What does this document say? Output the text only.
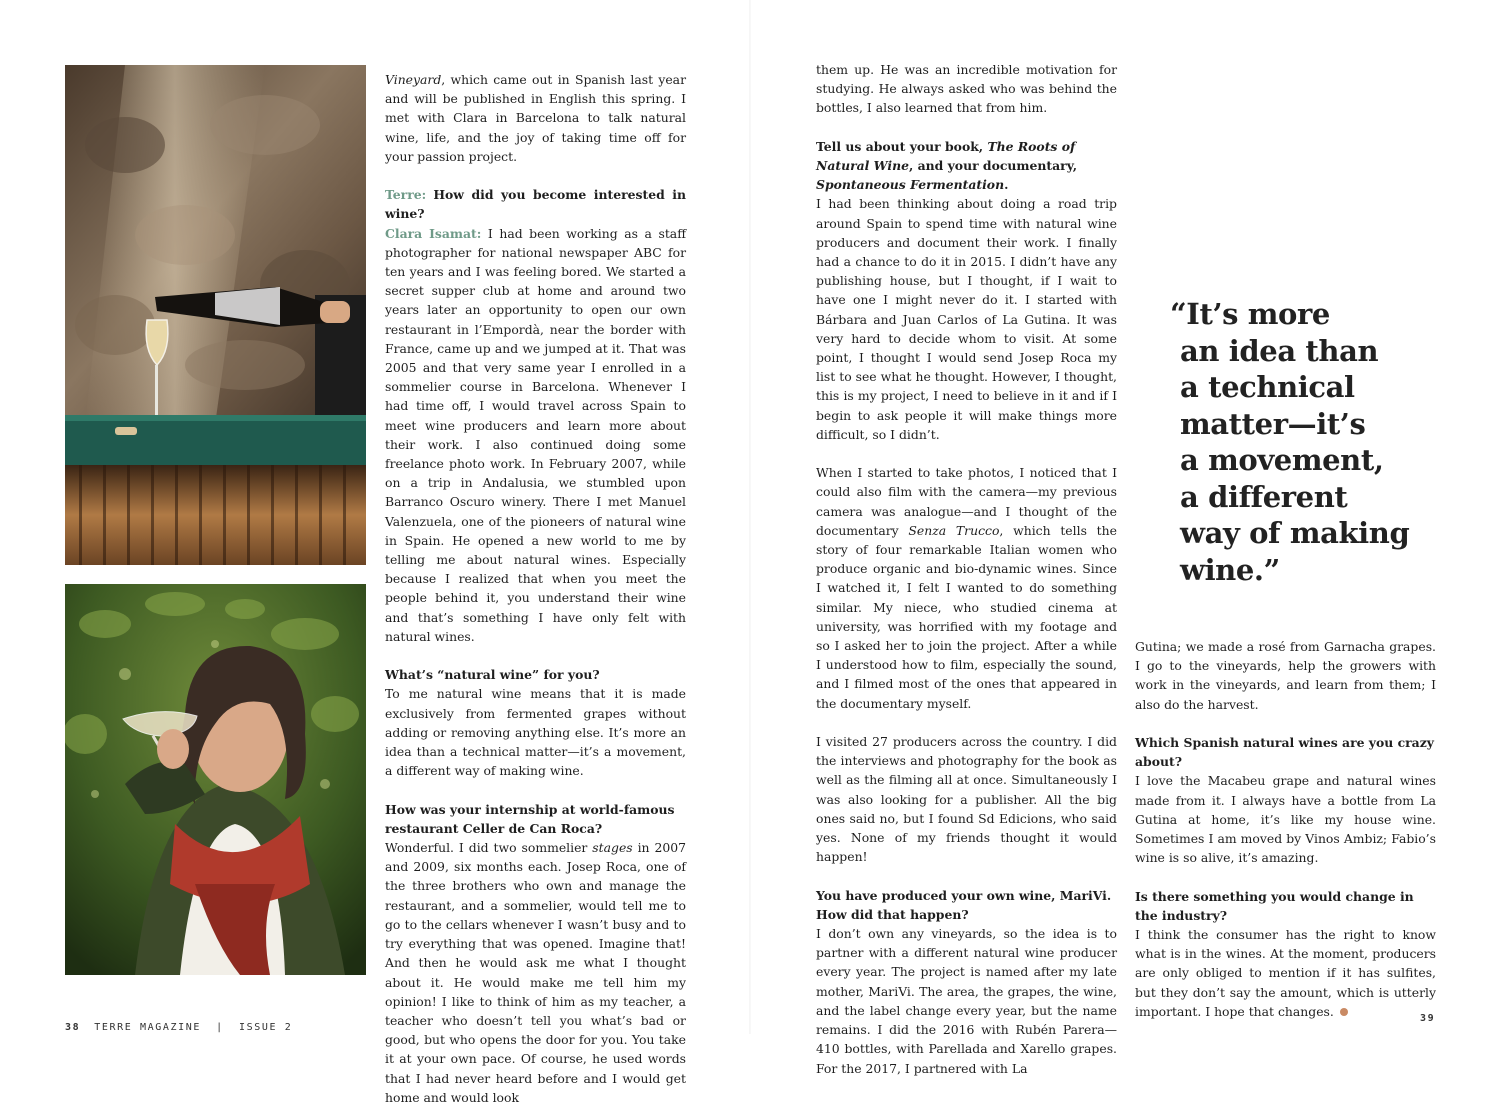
Vineyard, which came out in Spanish last year and will be published in English this spring. I met with Clara in Barcelona to talk natural wine, life, and the joy of taking time off for your passion project.

Terre: How did you become interested in wine?

Clara Isamat: I had been working as a staff photographer for national newspaper ABC for ten years and I was feeling bored. We started a secret supper club at home and around two years later an opportunity to open our own restaurant in l’Empordà, near the border with France, came up and we jumped at it. That was 2005 and that very same year I enrolled in a sommelier course in Barcelona. Whenever I had time off, I would travel across Spain to meet wine producers and learn more about their work. I also continued doing some freelance photo work. In February 2007, while on a trip in Andalusia, we stumbled upon Barranco Oscuro winery. There I met Manuel Valenzuela, one of the pioneers of natural wine in Spain. He opened a new world to me by telling me about natural wines. Especially because I realized that when you meet the people behind it, you understand their wine and that’s something I have only felt with natural wines.

What’s “natural wine” for you?

To me natural wine means that it is made exclusively from fermented grapes without adding or removing anything else. It’s more an idea than a technical matter—it’s a movement, a different way of making wine.

How was your internship at world-famous restaurant Celler de Can Roca?

Wonderful. I did two sommelier stages in 2007 and 2009, six months each. Josep Roca, one of the three brothers who own and manage the restaurant, and a sommelier, would tell me to go to the cellars whenever I wasn’t busy and to try everything that was opened. Imagine that! And then he would ask me what I thought about it. He would make me tell him my opinion! I like to think of him as my teacher, a teacher who doesn’t tell you what’s bad or good, but who opens the door for you. You take it at your own pace. Of course, he used words that I had never heard before and I would get home and would look

them up. He was an incredible motivation for studying. He always asked who was behind the bottles, I also learned that from him.

Tell us about your book, The Roots of Natural Wine, and your documentary, Spontaneous Fermentation.

I had been thinking about doing a road trip around Spain to spend time with natural wine producers and document their work. I finally had a chance to do it in 2015. I didn’t have any publishing house, but I thought, if I wait to have one I might never do it. I started with Bárbara and Juan Carlos of La Gutina. It was very hard to decide whom to visit. At some point, I thought I would send Josep Roca my list to see what he thought. However, I thought, this is my project, I need to believe in it and if I begin to ask people it will make things more difficult, so I didn’t.

When I started to take photos, I noticed that I could also film with the camera—my previous camera was analogue—and I thought of the documentary Senza Trucco, which tells the story of four remarkable Italian women who produce organic and bio-dynamic wines. Since I watched it, I felt I wanted to do something similar. My niece, who studied cinema at university, was horrified with my footage and so I asked her to join the project. After a while I understood how to film, especially the sound, and I filmed most of the ones that appeared in the documentary myself.

I visited 27 producers across the country. I did the interviews and photography for the book as well as the filming all at once. Simultaneously I was also looking for a publisher. All the big ones said no, but I found Sd Edicions, who said yes. None of my friends thought it would happen!

You have produced your own wine, MariVi. How did that happen?

I don’t own any vineyards, so the idea is to partner with a different natural wine producer every year. The project is named after my late mother, MariVi. The area, the grapes, the wine, and the label change every year, but the name remains. I did the 2016 with Rubén Parera—410 bottles, with Parellada and Xarello grapes. For the 2017, I partnered with La

“It’s more
an idea than
a technical
matter—it’s
a movement,
a different
way of making
wine.”

Gutina; we made a rosé from Garnacha grapes. I go to the vineyards, help the growers with work in the vineyards, and learn from them; I also do the harvest.

Which Spanish natural wines are you crazy about?

I love the Macabeu grape and natural wines made from it. I always have a bottle from La Gutina at home, it’s like my house wine. Sometimes I am moved by Vinos Ambiz; Fabio’s wine is so alive, it’s amazing.

Is there something you would change in the industry?

I think the consumer has the right to know what is in the wines. At the moment, producers are only obliged to mention if it has sulfites, but they don’t say the amount, which is utterly important. I hope that changes.

38 TERRE MAGAZINE  |  ISSUE 2
39
